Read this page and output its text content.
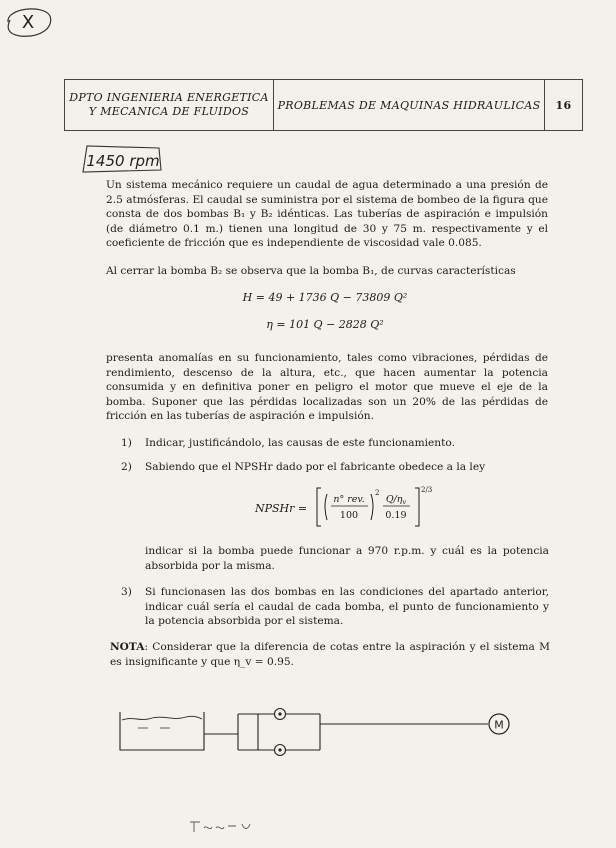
X
DPTO INGENIERIA ENERGETICA
Y MECANICA DE FLUIDOS	PROBLEMAS DE MAQUINAS HIDRAULICAS	16
1450 rpm
Un sistema mecánico requiere un caudal de agua determinado a una presión de 2.5 atmósferas. El caudal se suministra por el sistema de bombeo de la figura que consta de dos bombas B₁ y B₂ idénticas. Las tuberías de aspiración e impulsión (de diámetro 0.1 m.) tienen una longitud de 30 y 75 m. respectivamente y el coeficiente de fricción que es independiente de viscosidad vale 0.085.
Al cerrar la bomba B₂ se observa que la bomba B₁, de curvas características
H = 49 + 1736 Q − 73809 Q²
η = 101 Q − 2828 Q²
presenta anomalías en su funcionamiento, tales como vibraciones, pérdidas de rendimiento, descenso de la altura, etc., que hacen aumentar la potencia consumida y en definitiva poner en peligro el motor que mueve el eje de la bomba. Suponer que las pérdidas localizadas son un 20% de las pérdidas de fricción en las tuberías de aspiración e impulsión.
1) Indicar, justificándolo, las causas de este funcionamiento.
2) Sabiendo que el NPSHr dado por el fabricante obedece a la ley
NPSHr =
n° rev.
100
2
$Q/\eta_v$
0.19
2/3
indicar si la bomba puede funcionar a 970 r.p.m. y cuál es la potencia absorbida por la misma.
3) Si funcionasen las dos bombas en las condiciones del apartado anterior, indicar cuál sería el caudal de cada bomba, el punto de funcionamiento y la potencia absorbida por el sistema.
NOTA: Considerar que la diferencia de cotas entre la aspiración y el sistema M es insignificante y que η_v = 0.95.
M
